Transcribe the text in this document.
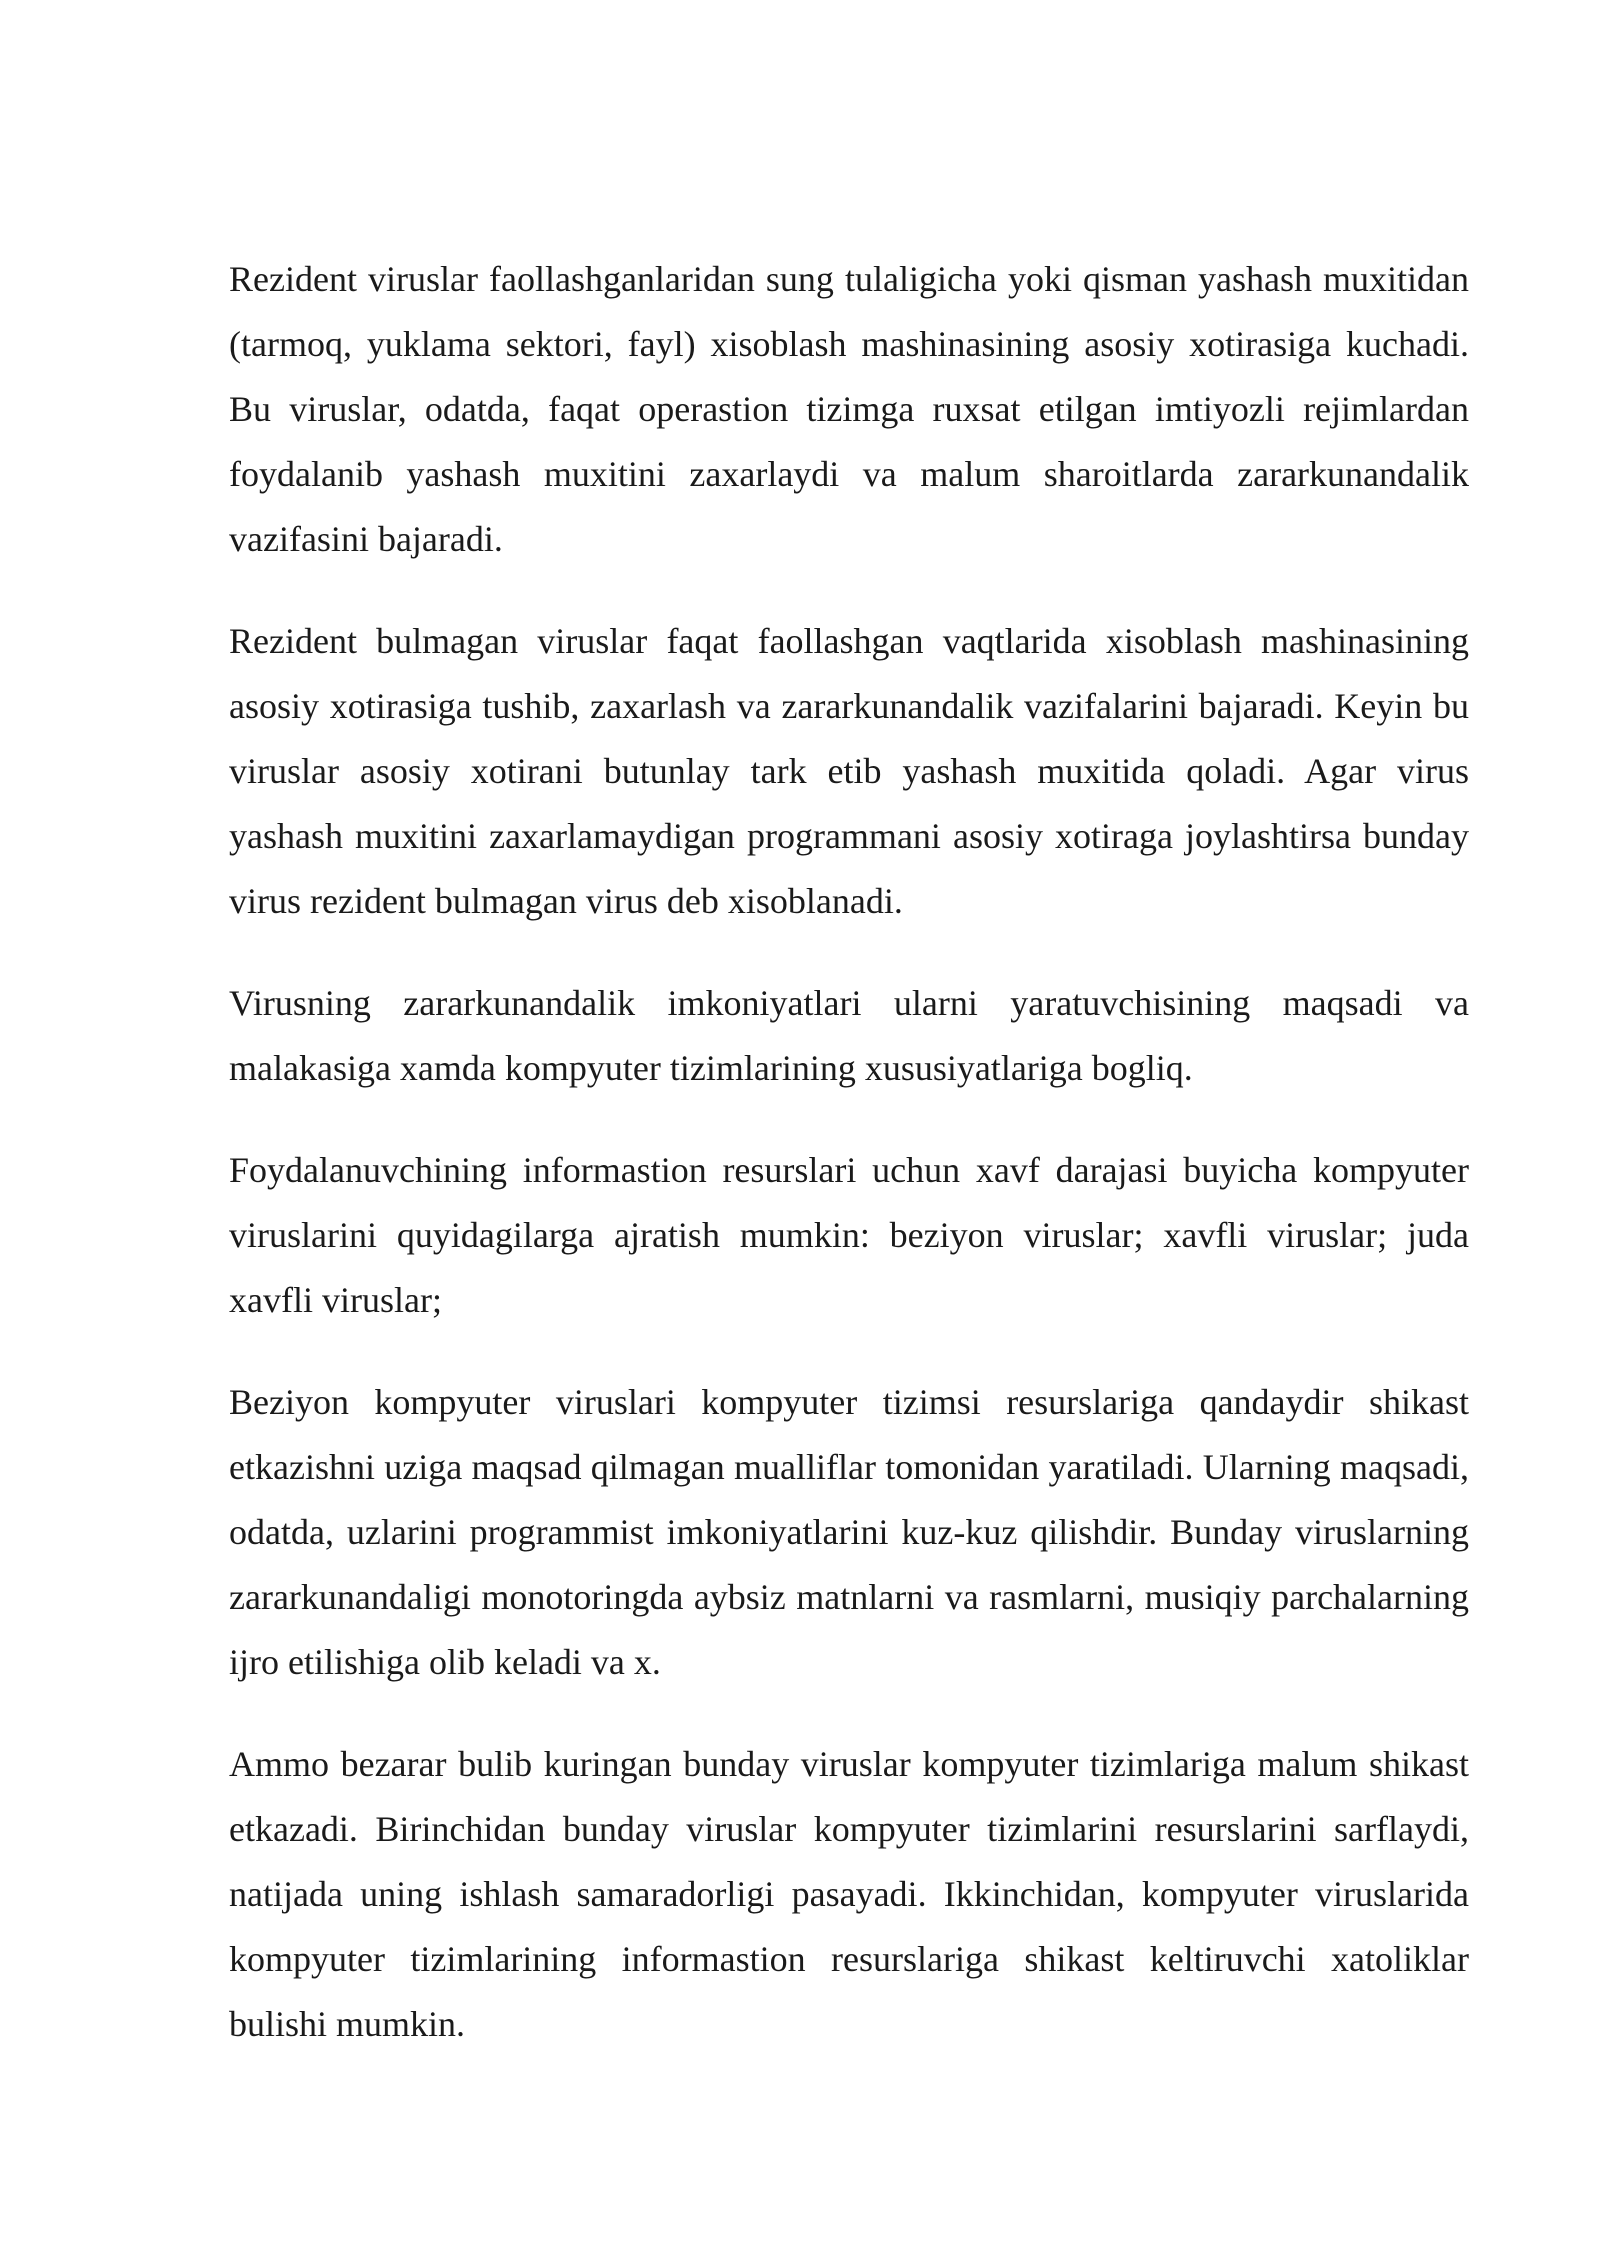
Rezident viruslar faollashganlaridan sung tulaligicha yoki qisman yashash muxitidan (tarmoq, yuklama sektori, fayl) xisoblash mashinasining asosiy xotirasiga kuchadi. Bu viruslar, odatda, faqat operastion tizimga ruxsat etilgan imtiyozli rejimlardan foydalanib yashash muxitini zaxarlaydi va malum sharoitlarda zararkunandalik vazifasini bajaradi.

Rezident bulmagan viruslar faqat faollashgan vaqtlarida xisoblash mashinasining asosiy xotirasiga tushib, zaxarlash va zararkunandalik vazifalarini bajaradi. Keyin bu viruslar asosiy xotirani butunlay tark etib yashash muxitida qoladi. Agar virus yashash muxitini zaxarlamaydigan programmani asosiy xotiraga joylashtirsa bunday virus rezident bulmagan virus deb xisoblanadi.

Virusning zararkunandalik imkoniyatlari ularni yaratuvchisining maqsadi va malakasiga xamda kompyuter tizimlarining xususiyatlariga bogliq.

Foydalanuvchining informastion resurslari uchun xavf darajasi buyicha kompyuter viruslarini quyidagilarga ajratish mumkin: beziyon viruslar; xavfli viruslar; juda xavfli viruslar;

Beziyon kompyuter viruslari kompyuter tizimsi resurslariga qandaydir shikast etkazishni uziga maqsad qilmagan mualliflar tomonidan yaratiladi. Ularning maqsadi, odatda, uzlarini programmist imkoniyatlarini kuz-kuz qilishdir. Bunday viruslarning zararkunandaligi monotoringda aybsiz matnlarni va rasmlarni, musiqiy parchalarning ijro etilishiga olib keladi va x.

Ammo bezarar bulib kuringan bunday viruslar kompyuter tizimlariga malum shikast etkazadi. Birinchidan bunday viruslar kompyuter tizimlarini resurslarini sarflaydi, natijada uning ishlash samaradorligi pasayadi. Ikkinchidan, kompyuter viruslarida kompyuter tizimlarining informastion resurslariga shikast keltiruvchi xatoliklar bulishi mumkin.
